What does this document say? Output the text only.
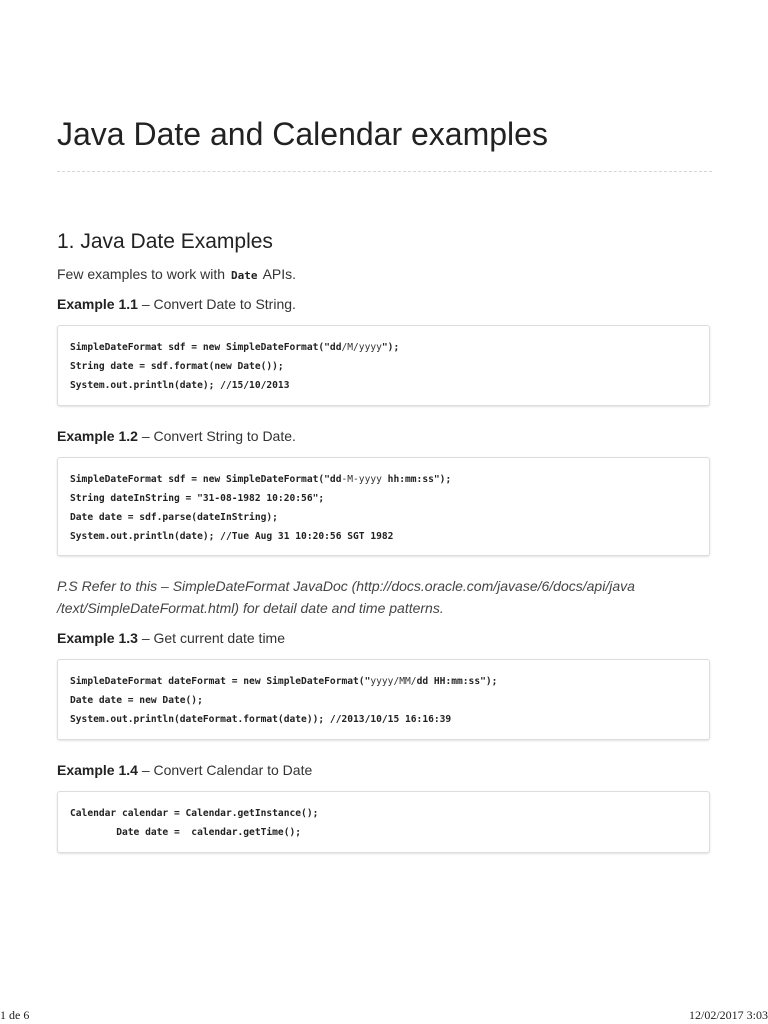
Java Date and Calendar examples
1. Java Date Examples

Few examples to work with Date APIs.

Example 1.1 – Convert Date to String.

SimpleDateFormat sdf = new SimpleDateFormat("dd/M/yyyy");
String date = sdf.format(new Date());
System.out.println(date); //15/10/2013

Example 1.2 – Convert String to Date.

SimpleDateFormat sdf = new SimpleDateFormat("dd-M-yyyy hh:mm:ss");
String dateInString = "31-08-1982 10:20:56";
Date date = sdf.parse(dateInString);
System.out.println(date); //Tue Aug 31 10:20:56 SGT 1982

P.S Refer to this – SimpleDateFormat JavaDoc (http://docs.oracle.com/javase/6/docs/api/java
/text/SimpleDateFormat.html) for detail date and time patterns.

Example 1.3 – Get current date time

SimpleDateFormat dateFormat = new SimpleDateFormat("yyyy/MM/dd HH:mm:ss");
Date date = new Date();
System.out.println(dateFormat.format(date)); //2013/10/15 16:16:39

Example 1.4 – Convert Calendar to Date

Calendar calendar = Calendar.getInstance();
Date date =  calendar.getTime();
1 de 6	12/02/2017 3:03
